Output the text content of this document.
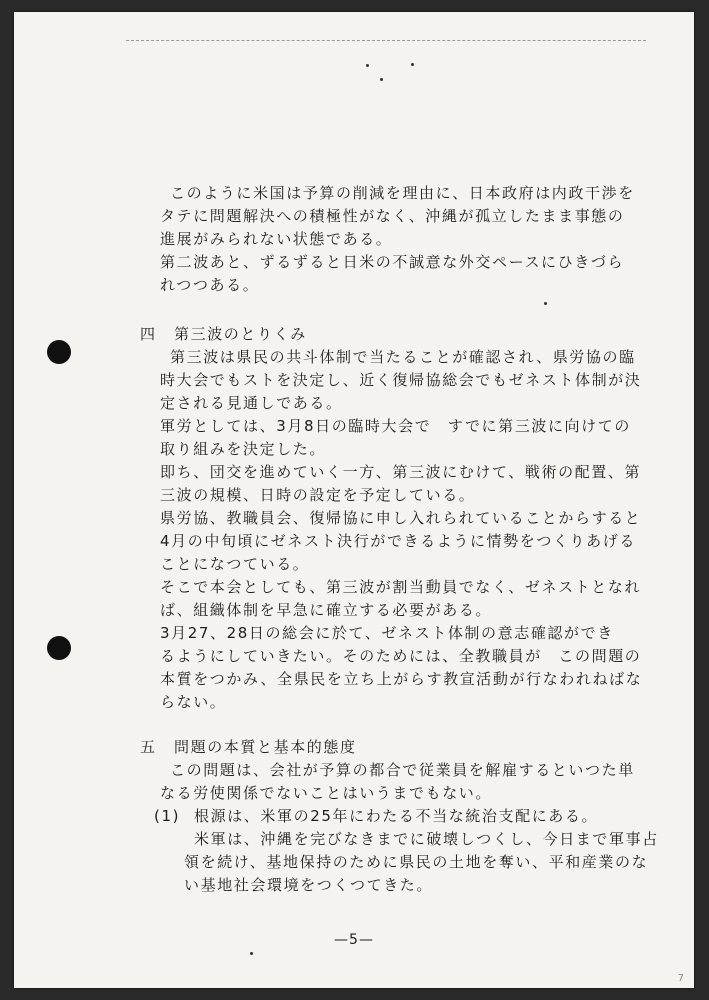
このように米国は予算の削減を理由に、日本政府は内政干渉を

タテに問題解決への積極性がなく、沖縄が孤立したまま事態の

進展がみられない状態である。

第二波あと、ずるずると日米の不誠意な外交ペースにひきづら

れつつある。

四 第三波のとりくみ

第三波は県民の共斗体制で当たることが確認され、県労協の臨

時大会でもストを決定し、近く復帰協総会でもゼネスト体制が決

定される見通しである。

軍労としては、3月8日の臨時大会で　すでに第三波に向けての

取り組みを決定した。

即ち、団交を進めていく一方、第三波にむけて、戦術の配置、第

三波の規模、日時の設定を予定している。

県労協、教職員会、復帰協に申し入れられていることからすると

4月の中旬頃にゼネスト決行ができるように情勢をつくりあげる

ことになつている。

そこで本会としても、第三波が割当動員でなく、ゼネストとなれ

ば、組織体制を早急に確立する必要がある。

3月27、28日の総会に於て、ゼネスト体制の意志確認ができ

るようにしていきたい。そのためには、全教職員が　この問題の

本質をつかみ、全県民を立ち上がらす教宣活動が行なわれねばな

らない。

五 問題の本質と基本的態度

この問題は、会社が予算の都合で従業員を解雇するといつた単

なる労使関係でないことはいうまでもない。

(1) 根源は、米軍の25年にわたる不当な統治支配にある。

米軍は、沖縄を完びなきまでに破壊しつくし、今日まで軍事占

領を続け、基地保持のために県民の土地を奪い、平和産業のな

い基地社会環境をつくつてきた。

—5—
7
